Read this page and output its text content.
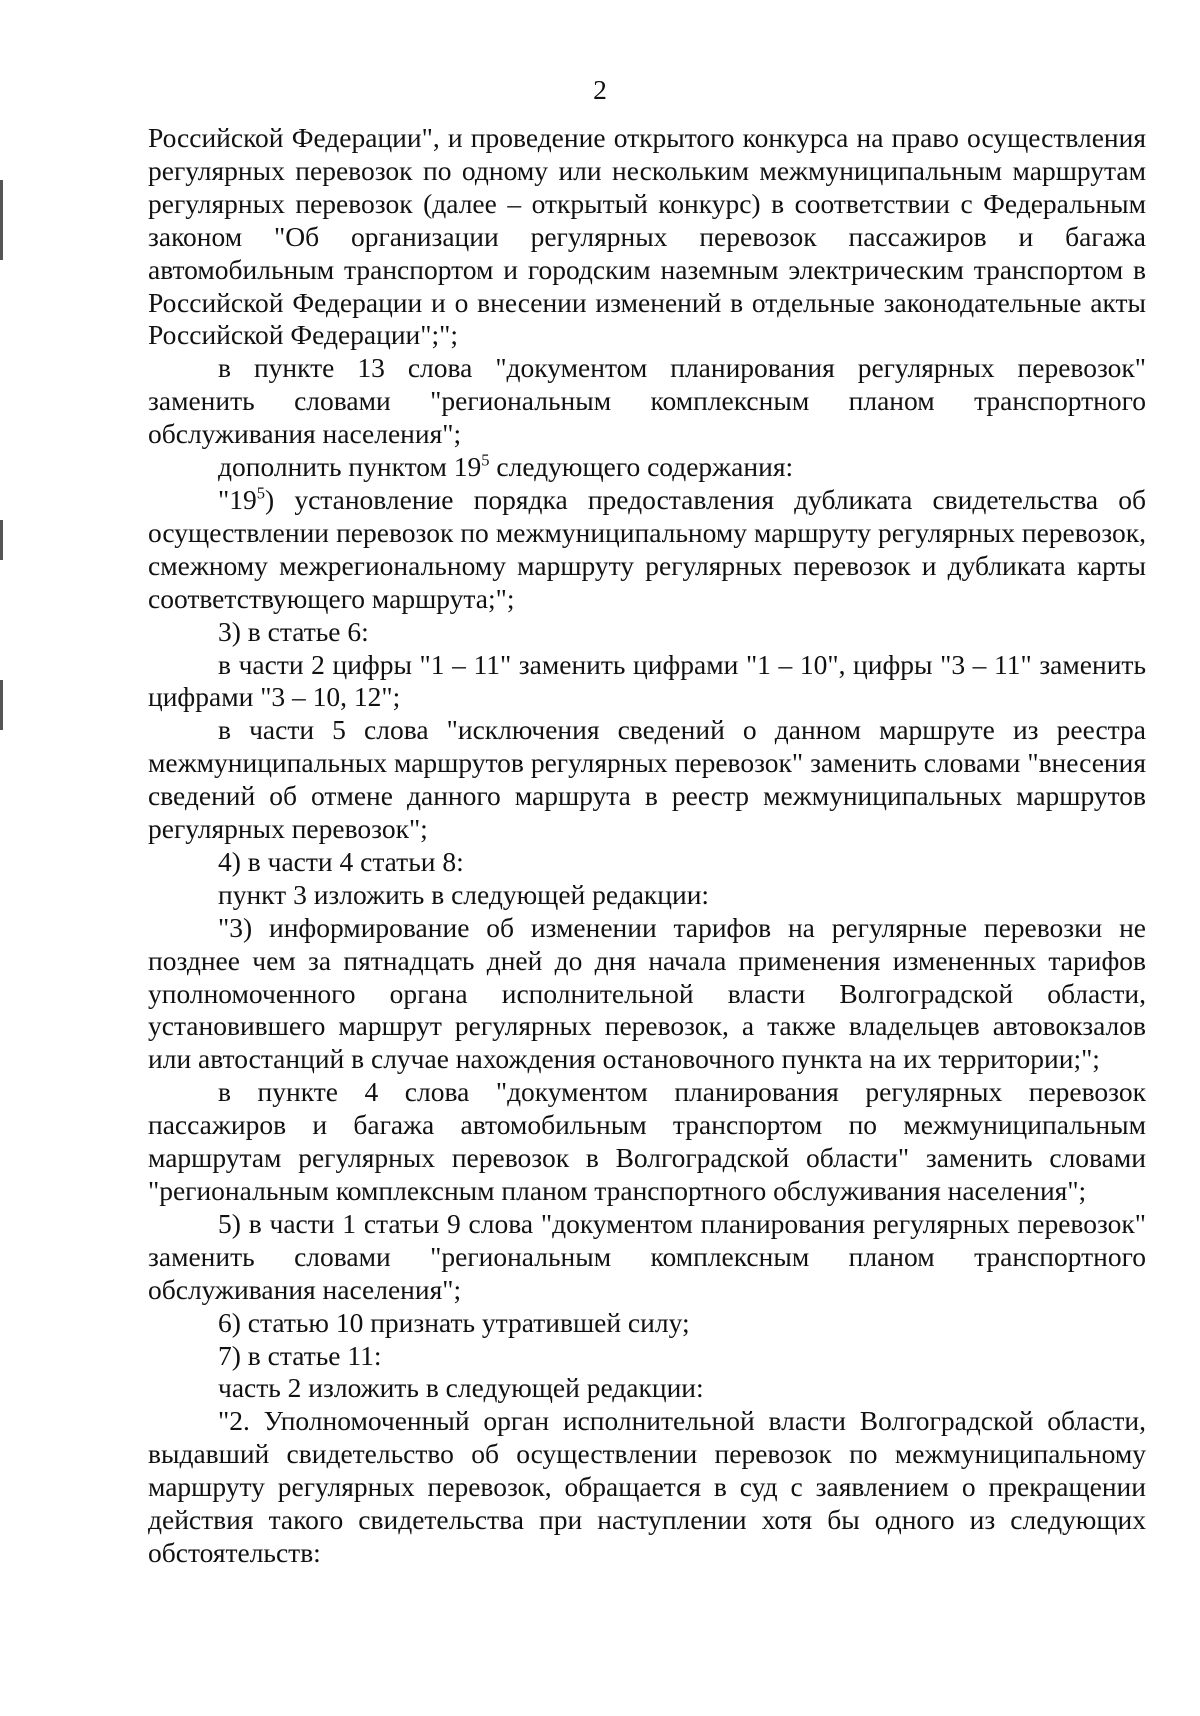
2

Российской Федерации", и проведение открытого конкурса на право осуществления регулярных перевозок по одному или нескольким межмуниципальным маршрутам регулярных перевозок (далее – открытый конкурс) в соответствии с Федеральным законом "Об организации регулярных перевозок пассажиров и багажа автомобильным транспортом и городским наземным электрическим транспортом в Российской Федерации и о внесении изменений в отдельные законодательные акты Российской Федерации";";

в пункте 13 слова "документом планирования регулярных перевозок" заменить словами "региональным комплексным планом транспортного обслуживания населения";

дополнить пунктом $19^5$ следующего содержания:

"$19^5$) установление порядка предоставления дубликата свидетельства об осуществлении перевозок по межмуниципальному маршруту регулярных перевозок, смежному межрегиональному маршруту регулярных перевозок и дубликата карты соответствующего маршрута;";

3) в статье 6:

в части 2 цифры "1 – 11" заменить цифрами "1 – 10", цифры "3 – 11" заменить цифрами "3 – 10, 12";

в части 5 слова "исключения сведений о данном маршруте из реестра межмуниципальных маршрутов регулярных перевозок" заменить словами "внесения сведений об отмене данного маршрута в реестр межмуниципальных маршрутов регулярных перевозок";

4) в части 4 статьи 8:

пункт 3 изложить в следующей редакции:

"3) информирование об изменении тарифов на регулярные перевозки не позднее чем за пятнадцать дней до дня начала применения измененных тарифов уполномоченного органа исполнительной власти Волгоградской области, установившего маршрут регулярных перевозок, а также владельцев автовокзалов или автостанций в случае нахождения остановочного пункта на их территории;";

в пункте 4 слова "документом планирования регулярных перевозок пассажиров и багажа автомобильным транспортом по межмуниципальным маршрутам регулярных перевозок в Волгоградской области" заменить словами "региональным комплексным планом транспортного обслуживания населения";

5) в части 1 статьи 9 слова "документом планирования регулярных перевозок" заменить словами "региональным комплексным планом транспортного обслуживания населения";

6) статью 10 признать утратившей силу;

7) в статье 11:

часть 2 изложить в следующей редакции:

"2. Уполномоченный орган исполнительной власти Волгоградской области, выдавший свидетельство об осуществлении перевозок по межмуниципальному маршруту регулярных перевозок, обращается в суд с заявлением о прекращении действия такого свидетельства при наступлении хотя бы одного из следующих обстоятельств:
